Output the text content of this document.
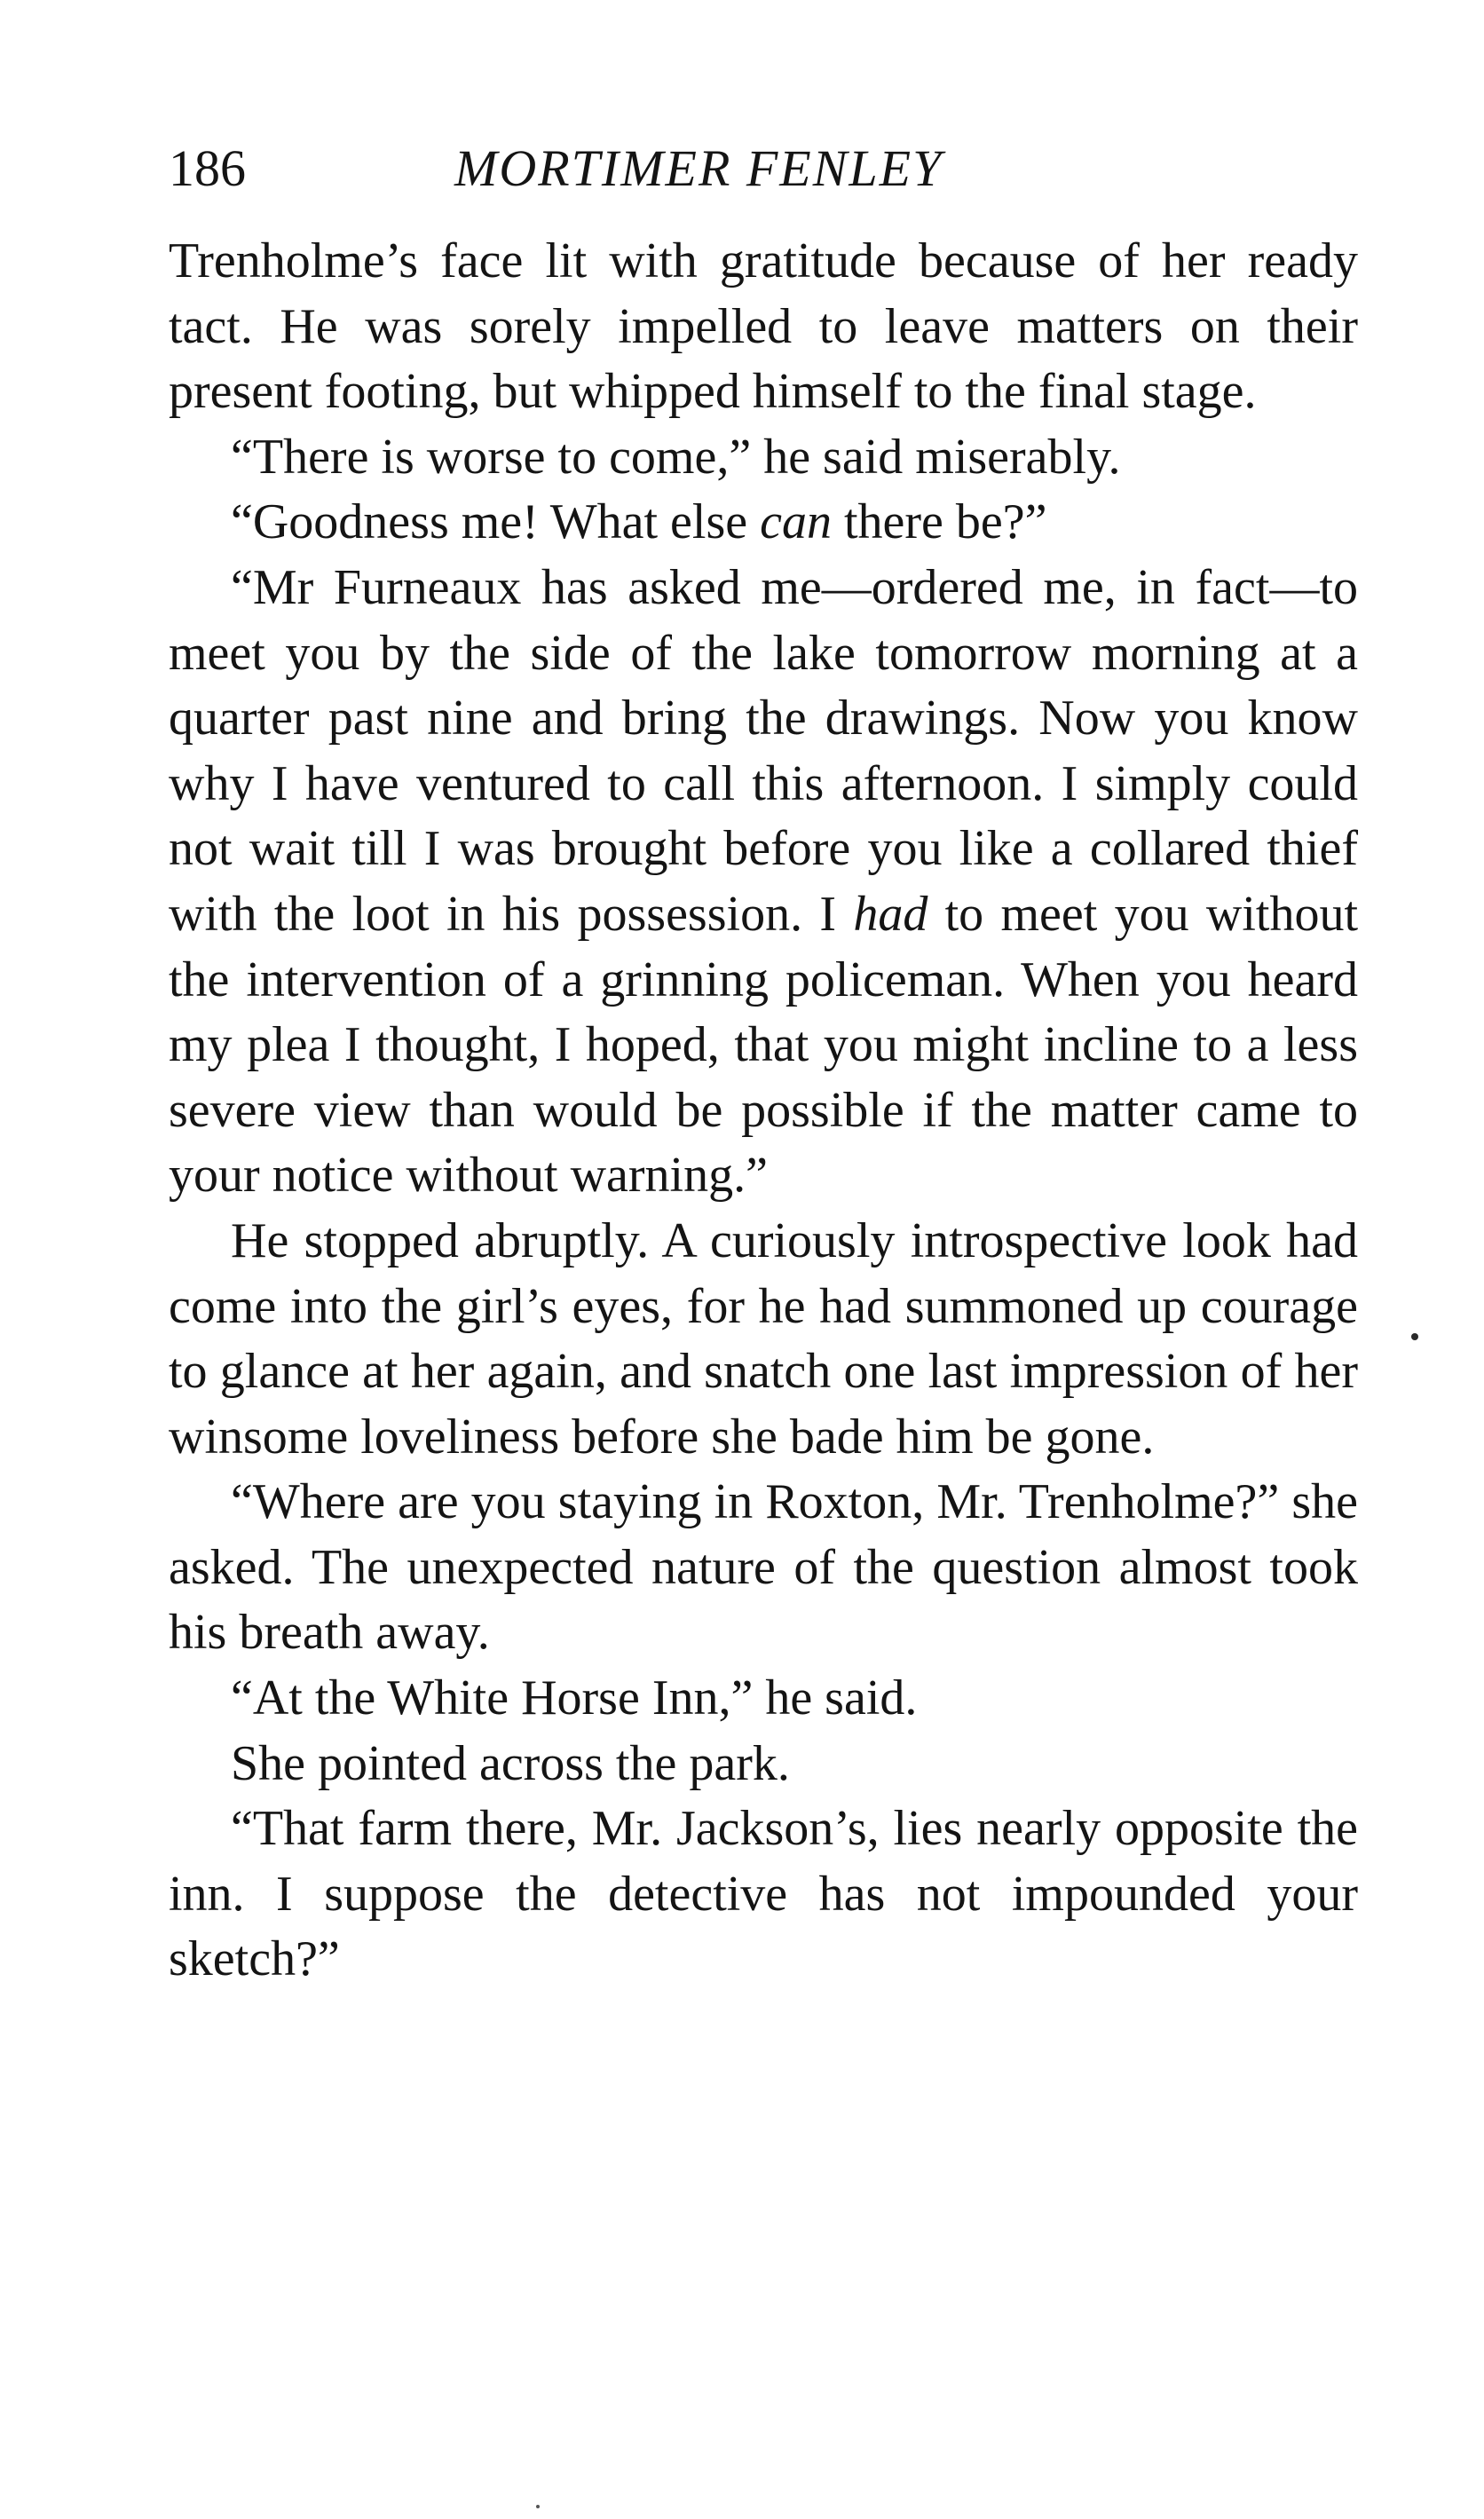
186	MORTIMER FENLEY

Trenholme’s face lit with gratitude because of her ready tact. He was sorely impelled to leave matters on their present footing, but whipped himself to the final stage.

“There is worse to come,” he said miserably.

“Goodness me! What else can there be?”

“Mr Furneaux has asked me—ordered me, in fact—to meet you by the side of the lake tomorrow morning at a quarter past nine and bring the drawings. Now you know why I have ventured to call this afternoon. I simply could not wait till I was brought before you like a collared thief with the loot in his possession. I had to meet you without the intervention of a grinning policeman. When you heard my plea I thought, I hoped, that you might incline to a less severe view than would be possible if the matter came to your notice without warning.”

He stopped abruptly. A curiously introspective look had come into the girl’s eyes, for he had summoned up courage to glance at her again, and snatch one last impression of her winsome loveliness before she bade him be gone.

“Where are you staying in Roxton, Mr. Trenholme?” she asked. The unexpected nature of the question almost took his breath away.

“At the White Horse Inn,” he said.

She pointed across the park.

“That farm there, Mr. Jackson’s, lies nearly opposite the inn. I suppose the detective has not impounded your sketch?”
